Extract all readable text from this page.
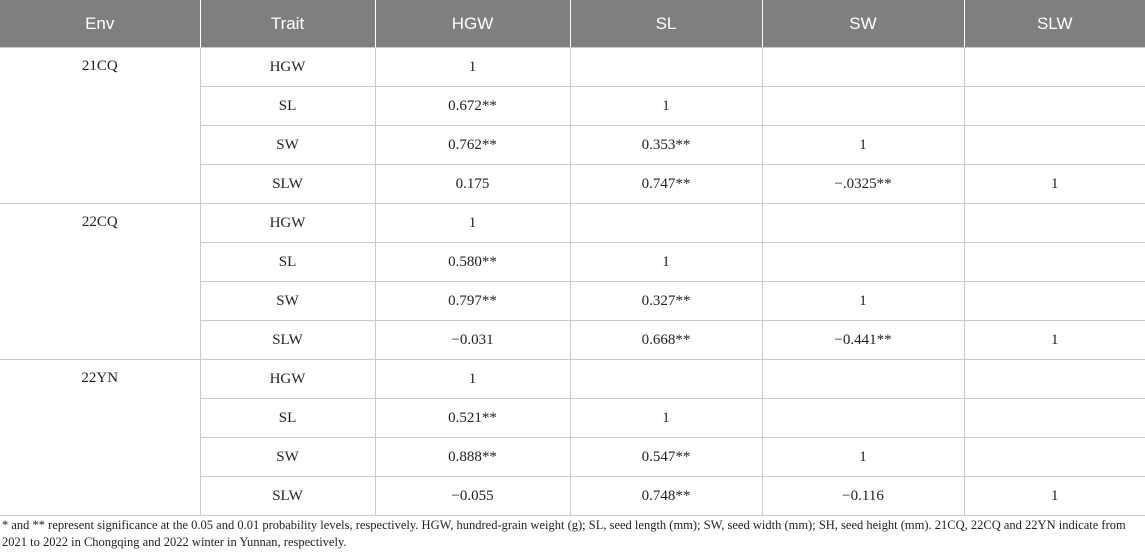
Env	Trait	HGW	SL	SW	SLW
21CQ	HGW	1			
	SL	0.672**	1		
	SW	0.762**	0.353**	1	
	SLW	0.175	0.747**	−.0325**	1
22CQ	HGW	1			
	SL	0.580**	1		
	SW	0.797**	0.327**	1	
	SLW	−0.031	0.668**	−0.441**	1
22YN	HGW	1			
	SL	0.521**	1		
	SW	0.888**	0.547**	1	
	SLW	−0.055	0.748**	−0.116	1
* and ** represent significance at the 0.05 and 0.01 probability levels, respectively. HGW, hundred-grain weight (g); SL, seed length (mm); SW, seed width (mm); SH, seed height (mm). 21CQ, 22CQ and 22YN indicate from 2021 to 2022 in Chongqing and 2022 winter in Yunnan, respectively.
